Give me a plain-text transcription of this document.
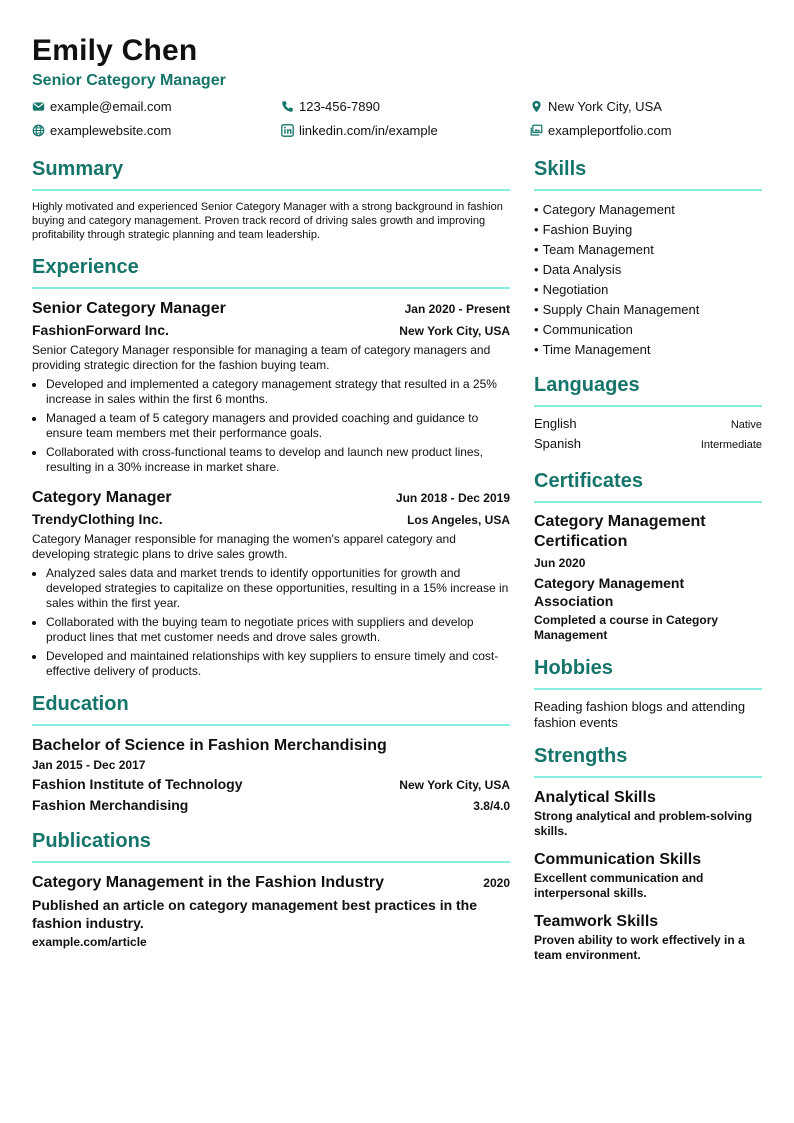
Emily Chen
Senior Category Manager
example@email.com	123-456-7890	New York City, USA
examplewebsite.com	linkedin.com/in/example	exampleportfolio.com
Summary

Highly motivated and experienced Senior Category Manager with a strong background in fashion buying and category management. Proven track record of driving sales growth and improving profitability through strategic planning and team leadership.

Experience
Senior Category Manager	Jan 2020 - Present
FashionForward Inc.	New York City, USA
Senior Category Manager responsible for managing a team of category managers and providing strategic direction for the fashion buying team.
• Developed and implemented a category management strategy that resulted in a 25% increase in sales within the first 6 months.
• Managed a team of 5 category managers and provided coaching and guidance to ensure team members met their performance goals.
• Collaborated with cross-functional teams to develop and launch new product lines, resulting in a 30% increase in market share.
Category Manager	Jun 2018 - Dec 2019
TrendyClothing Inc.	Los Angeles, USA
Category Manager responsible for managing the women's apparel category and developing strategic plans to drive sales growth.
• Analyzed sales data and market trends to identify opportunities for growth and developed strategies to capitalize on these opportunities, resulting in a 15% increase in sales within the first year.
• Collaborated with the buying team to negotiate prices with suppliers and develop product lines that met customer needs and drove sales growth.
• Developed and maintained relationships with key suppliers to ensure timely and cost-effective delivery of products.
Education
Bachelor of Science in Fashion Merchandising
Jan 2015 - Dec 2017
Fashion Institute of Technology	New York City, USA
Fashion Merchandising	3.8/4.0
Publications
Category Management in the Fashion Industry	2020
Published an article on category management best practices in the fashion industry.
example.com/article
Skills
• Category Management
• Fashion Buying
• Team Management
• Data Analysis
• Negotiation
• Supply Chain Management
• Communication
• Time Management
Languages
English	Native
Spanish	Intermediate
Certificates
Category Management Certification
Jun 2020
Category Management Association
Completed a course in Category Management
Hobbies
Reading fashion blogs and attending fashion events
Strengths
Analytical Skills
Strong analytical and problem-solving skills.
Communication Skills
Excellent communication and interpersonal skills.
Teamwork Skills
Proven ability to work effectively in a team environment.
